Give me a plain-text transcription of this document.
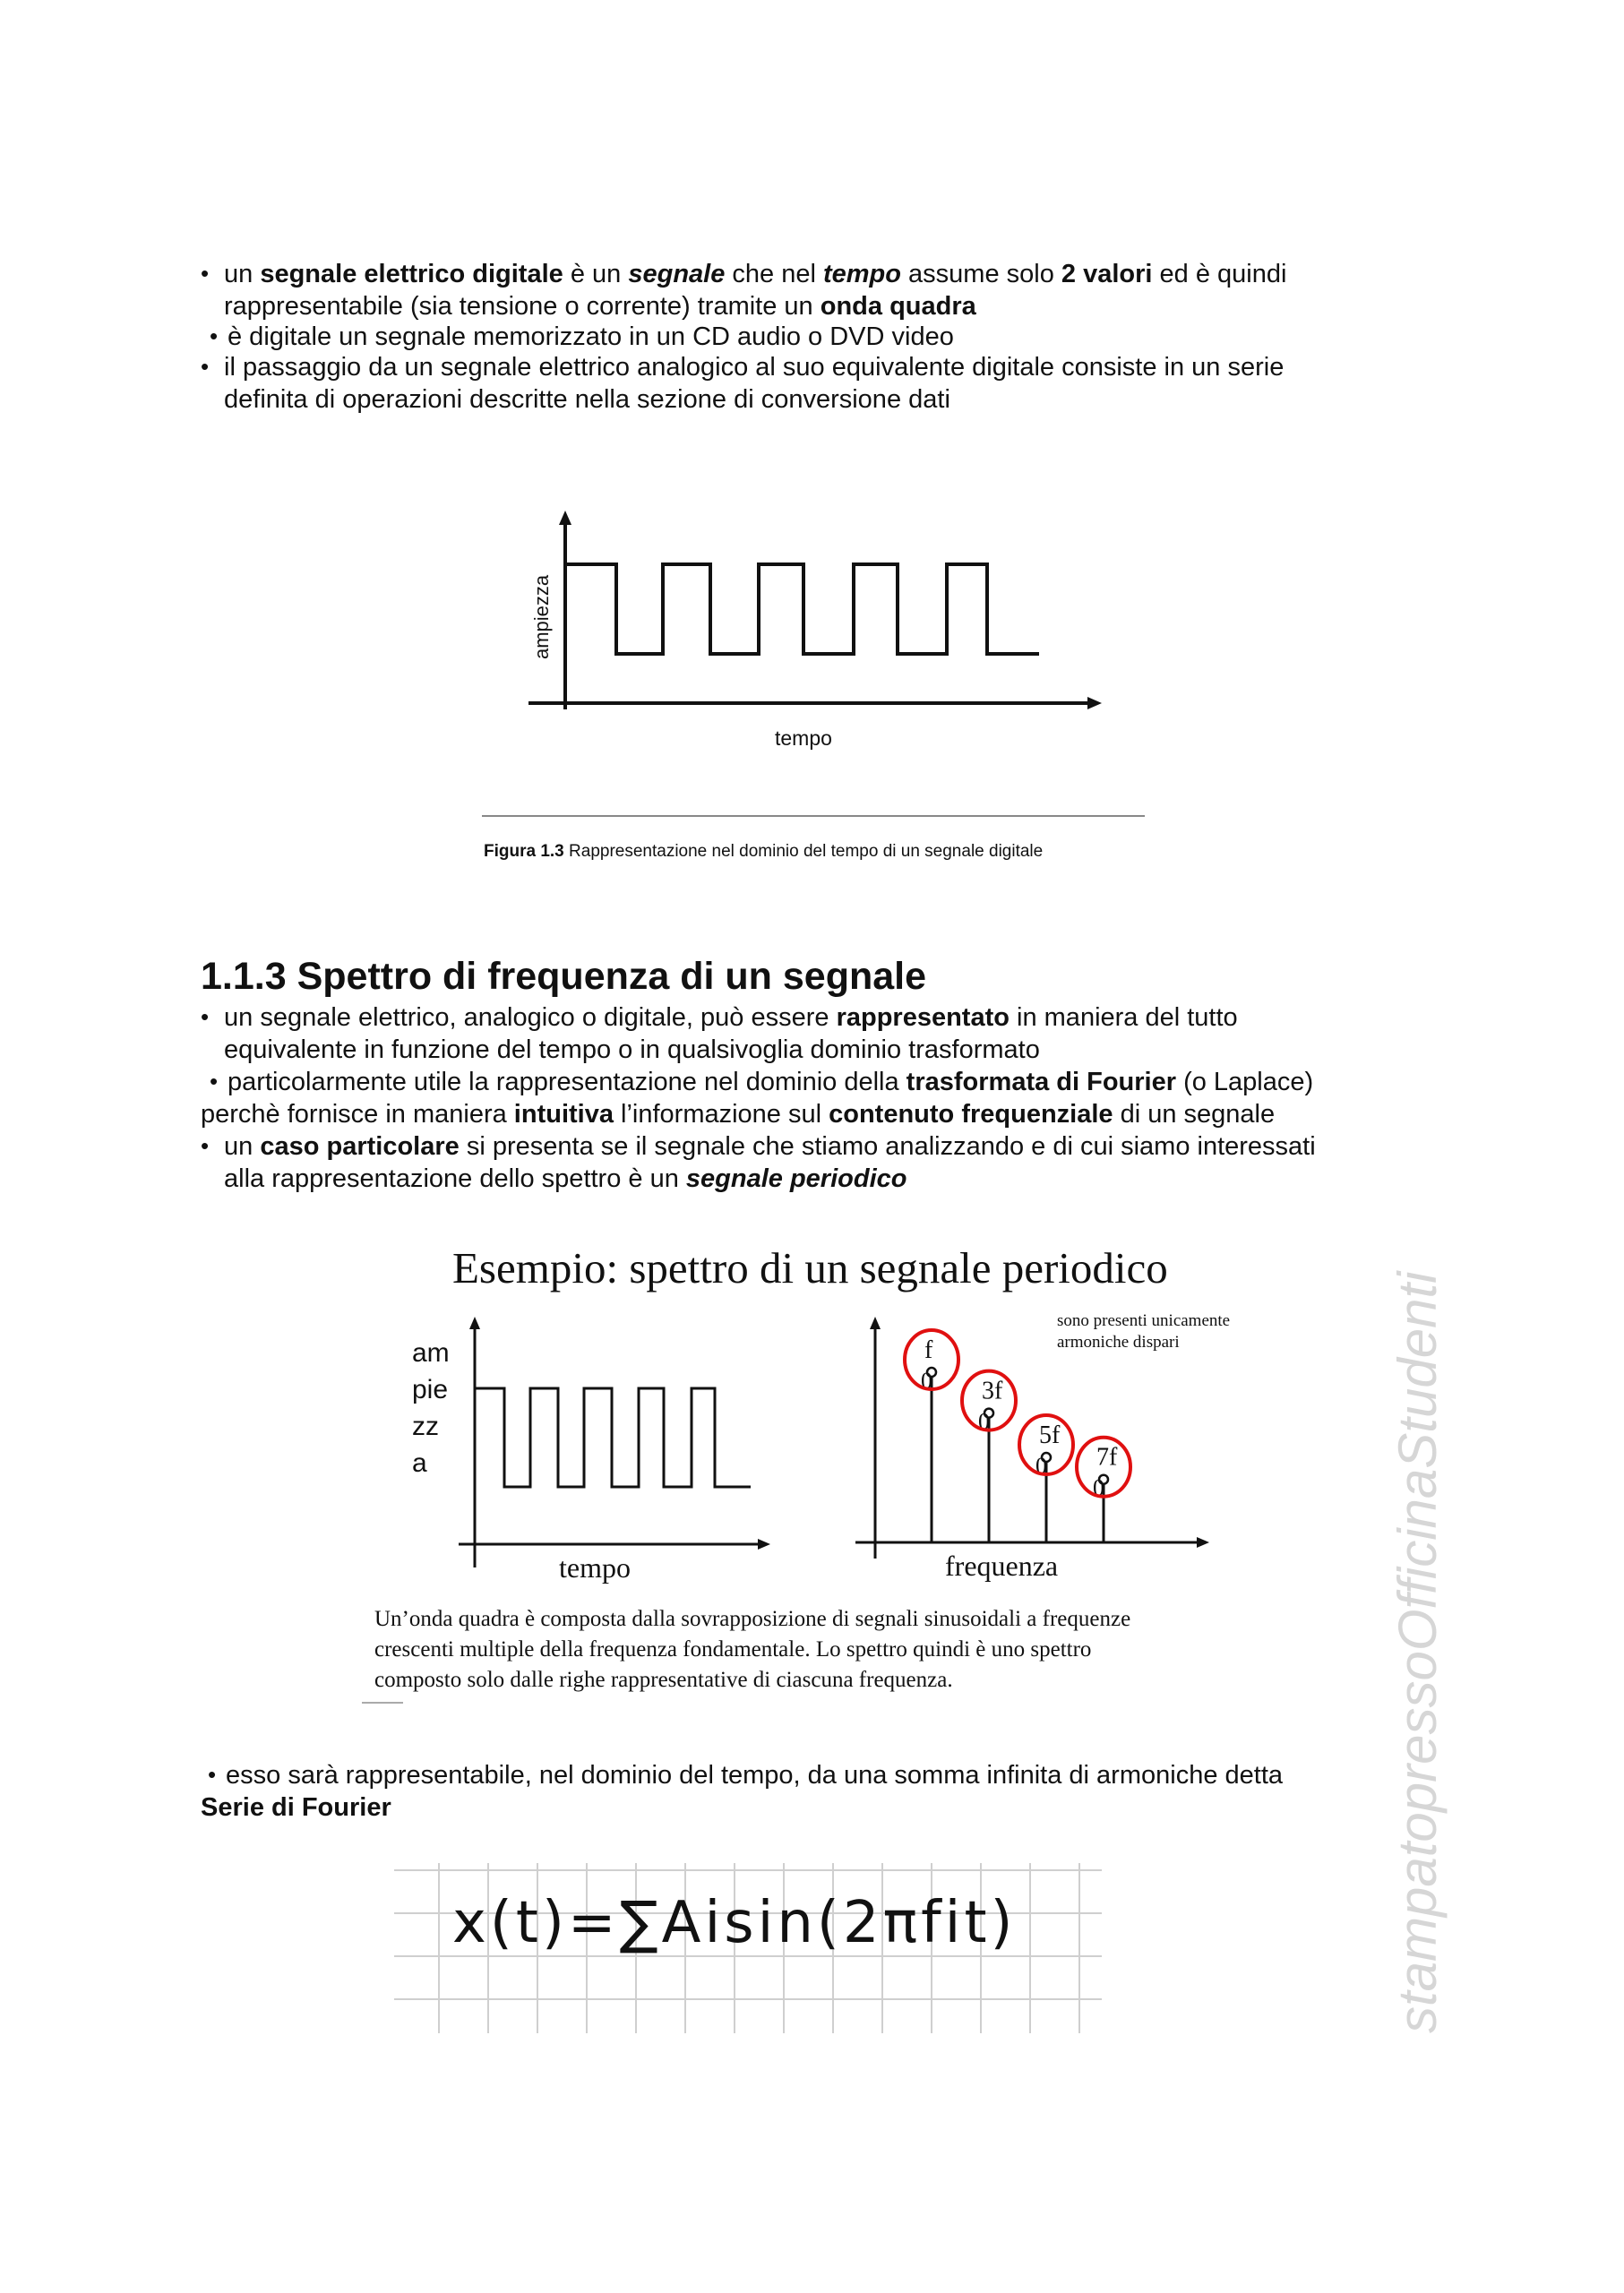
• un segnale elettrico digitale è un segnale che nel tempo assume solo 2 valori ed è quindi
rappresentabile (sia tensione o corrente) tramite un onda quadra
• è digitale un segnale memorizzato in un CD audio o DVD video
• il passaggio da un segnale elettrico analogico al suo equivalente digitale consiste in un serie
definita di operazioni descritte nella sezione di conversione dati
ampiezza
tempo
Figura 1.3 Rappresentazione nel dominio del tempo di un segnale digitale
1.1.3 Spettro di frequenza di un segnale
• un segnale elettrico, analogico o digitale, può essere rappresentato in maniera del tutto
equivalente in funzione del tempo o in qualsivoglia dominio trasformato
• particolarmente utile la rappresentazione nel dominio della trasformata di Fourier (o Laplace)
perchè fornisce in maniera intuitiva l’informazione sul contenuto frequenziale di un segnale
• un caso particolare si presenta se il segnale che stiamo analizzando e di cui siamo interessati
alla rappresentazione dello spettro è un segnale periodico
Esempio: spettro di un segnale periodico
sono presenti unicamente
armoniche dispari
am
pie
zz
a
tempo
f
0 3f
0 5f
0 7f
0
frequenza
Un’onda quadra è composta dalla sovrapposizione di segnali sinusoidali a frequenze
crescenti multiple della frequenza fondamentale. Lo spettro quindi è uno spettro
composto solo dalle righe rappresentative di ciascuna frequenza.
• esso sarà rappresentabile, nel dominio del tempo, da una somma infinita di armoniche detta
Serie di Fourier
x(t)=∑Aisin(2πfit)	stampatopressoOfficinaStudenti
